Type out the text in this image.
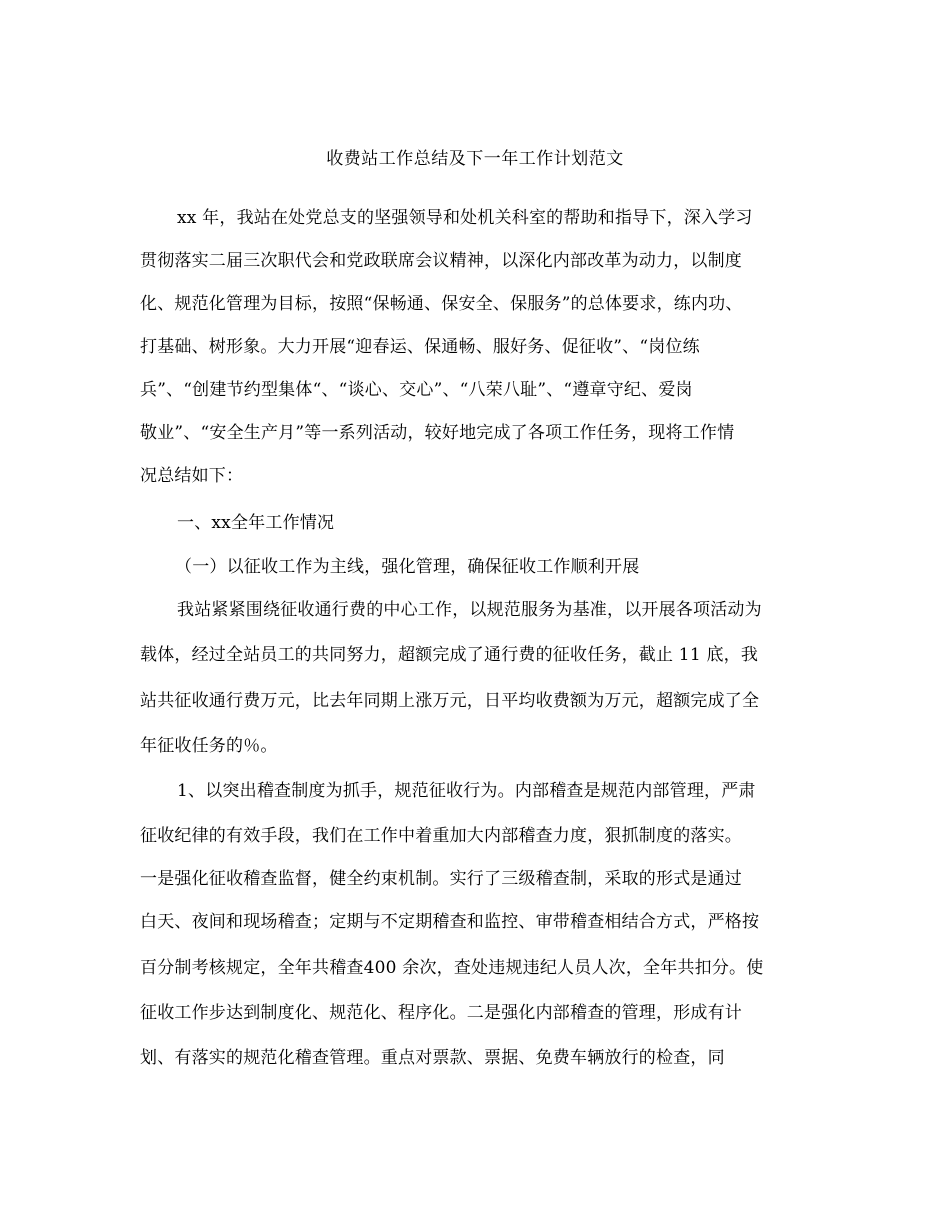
收费站工作总结及下一年工作计划范文
xx 年，我站在处党总支的坚强领导和处机关科室的帮助和指导下，深入学习
贯彻落实二届三次职代会和党政联席会议精神，以深化内部改革为动力，以制度
化、规范化管理为目标，按照“保畅通、保安全、保服务”的总体要求，练内功、
打基础、树形象。大力开展“迎春运、保通畅、服好务、促征收”、“岗位练
兵”、“创建节约型集体“、“谈心、交心”、“八荣八耻”、“遵章守纪、爱岗
敬业”、“安全生产月”等一系列活动，较好地完成了各项工作任务，现将工作情
况总结如下：
一、xx全年工作情况
（一）以征收工作为主线，强化管理，确保征收工作顺利开展
我站紧紧围绕征收通行费的中心工作，以规范服务为基准，以开展各项活动为
载体，经过全站员工的共同努力，超额完成了通行费的征收任务，截止 11 底，我
站共征收通行费万元，比去年同期上涨万元，日平均收费额为万元，超额完成了全
年征收任务的％。
1、以突出稽查制度为抓手，规范征收行为。内部稽查是规范内部管理，严肃
征收纪律的有效手段，我们在工作中着重加大内部稽查力度，狠抓制度的落实。
一是强化征收稽查监督，健全约束机制。实行了三级稽查制，采取的形式是通过
白天、夜间和现场稽查；定期与不定期稽查和监控、审带稽查相结合方式，严格按
百分制考核规定，全年共稽查400 余次，查处违规违纪人员人次，全年共扣分。使
征收工作步达到制度化、规范化、程序化。二是强化内部稽查的管理，形成有计
划、有落实的规范化稽查管理。重点对票款、票据、免费车辆放行的检查，同
